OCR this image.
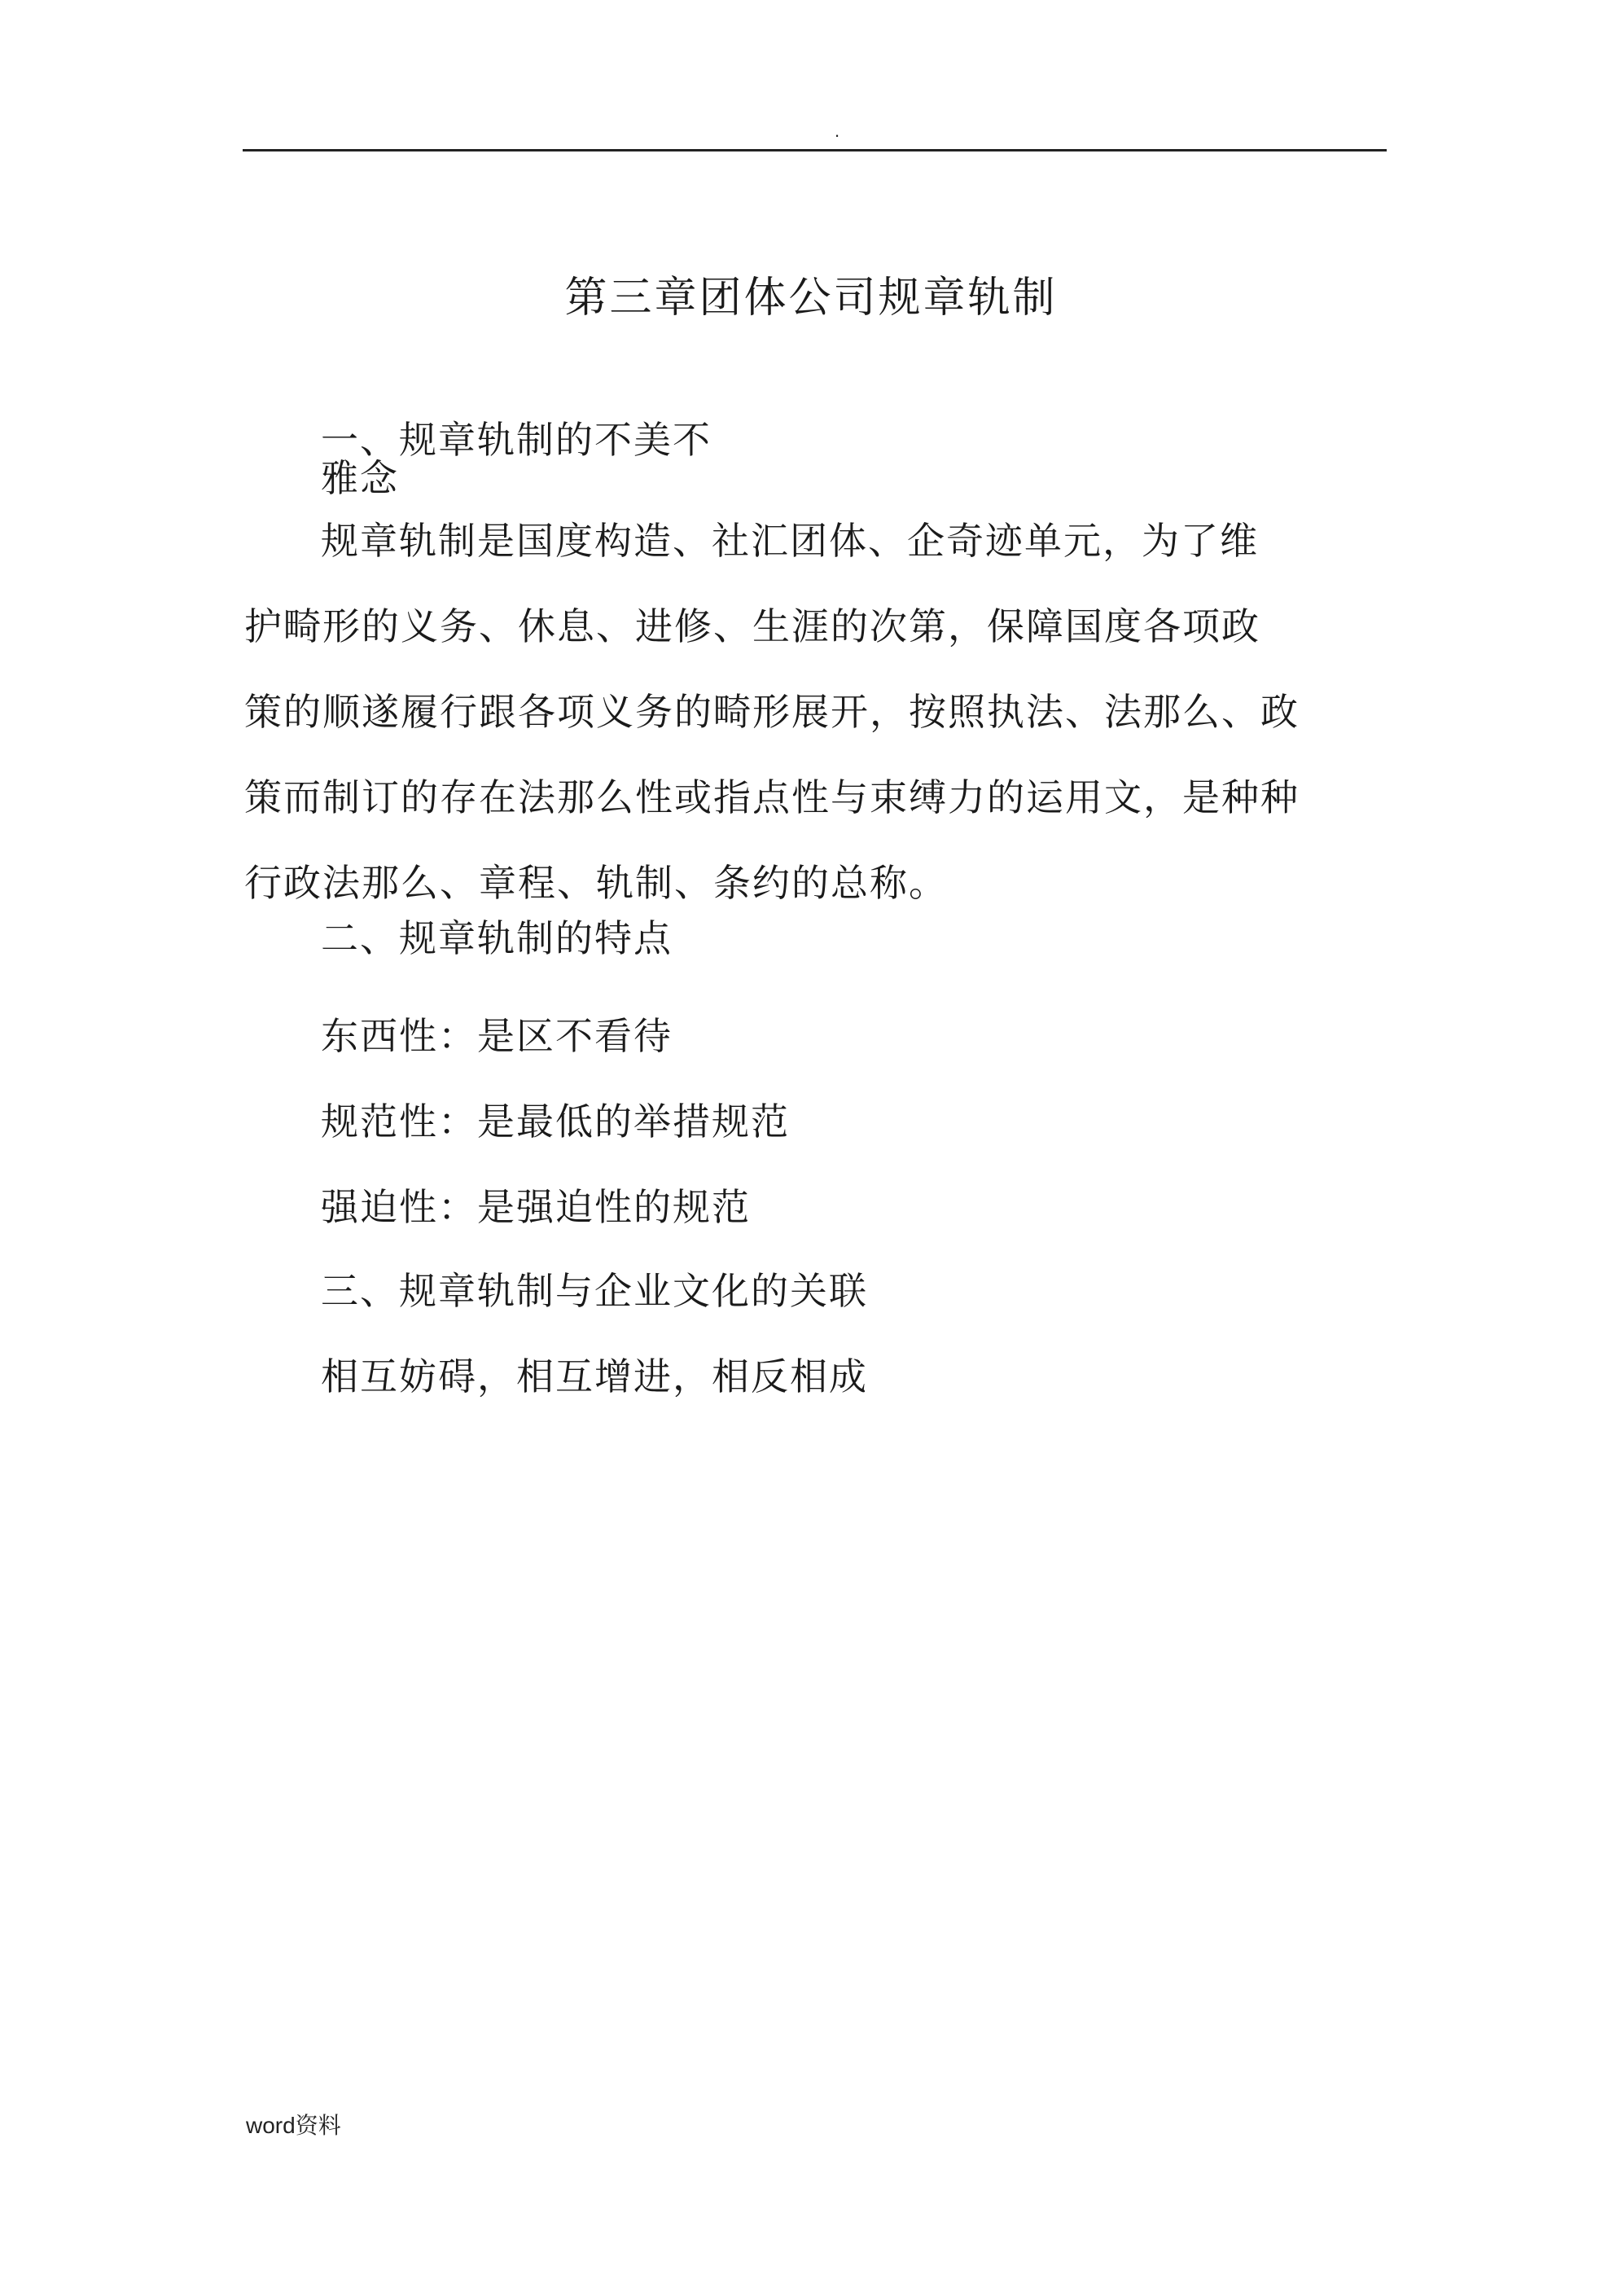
.
第三章团体公司规章轨制

一、规章轨制的不美不

雅念

规章轨制是国度构造、社汇团体、企奇迹单元，为了维
护畸形的义务、休息、进修、生涯的次第，保障国度各项政
策的顺遂履行跟各项义务的畸形展开，按照执法、法那么、政
策而制订的存在法那么性或指点性与束缚力的运用文，是种种
行政法那么、章程、轨制、条约的总称。

二、规章轨制的特点

东西性：是区不看待

规范性：是最低的举措规范

强迫性：是强迫性的规范

三、规章轨制与企业文化的关联

相互妨碍，相互增进，相反相成

word资料
